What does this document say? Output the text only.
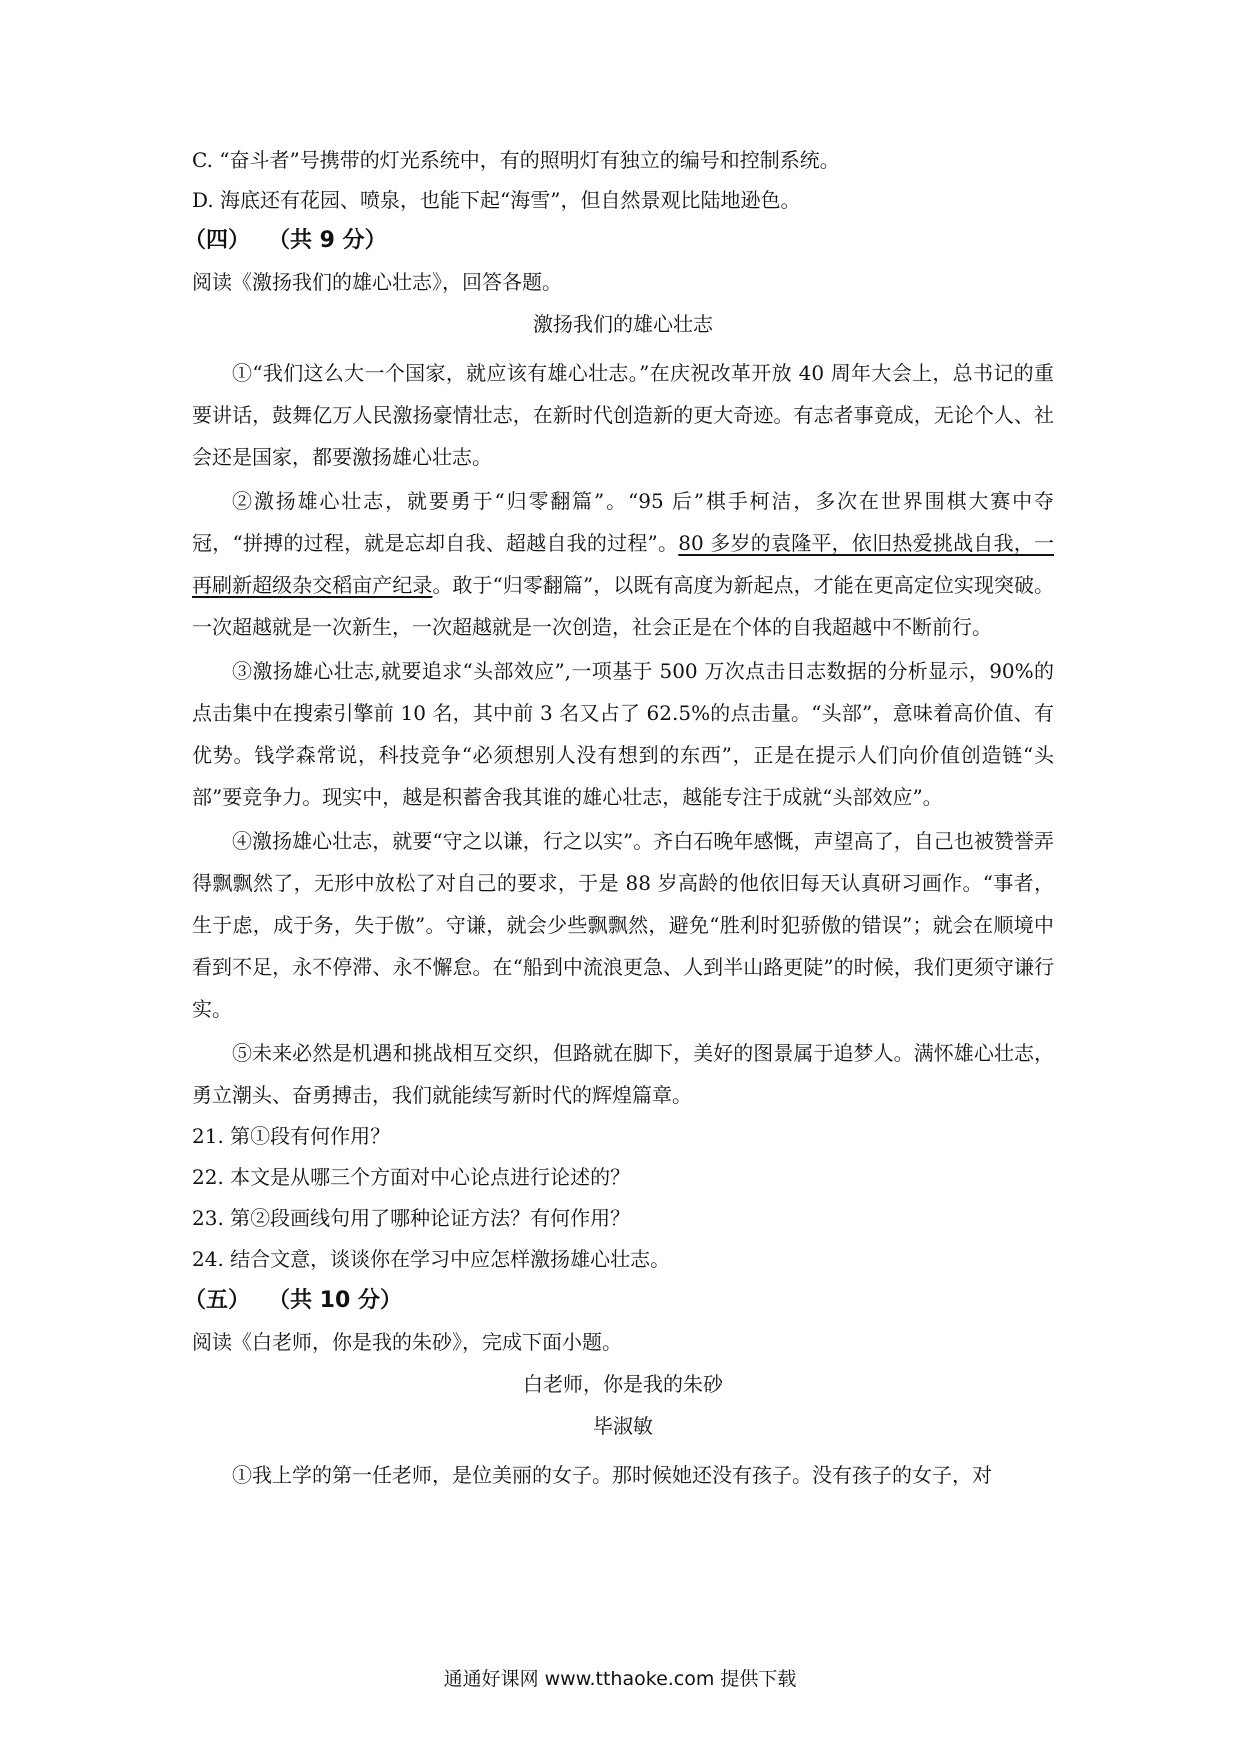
C. “奋斗者”号携带的灯光系统中，有的照明灯有独立的编号和控制系统。

D. 海底还有花园、喷泉，也能下起“海雪”，但自然景观比陆地逊色。

（四） （共 9 分）

阅读《激扬我们的雄心壮志》，回答各题。

激扬我们的雄心壮志

①“我们这么大一个国家，就应该有雄心壮志。”在庆祝改革开放 40 周年大会上，总书记的重要讲话，鼓舞亿万人民激扬豪情壮志，在新时代创造新的更大奇迹。有志者事竟成，无论个人、社会还是国家，都要激扬雄心壮志。

②激扬雄心壮志，就要勇于“归零翻篇”。“95 后”棋手柯洁，多次在世界围棋大赛中夺冠，“拼搏的过程，就是忘却自我、超越自我的过程”。80 多岁的袁隆平，依旧热爱挑战自我，一再刷新超级杂交稻亩产纪录。敢于“归零翻篇”，以既有高度为新起点，才能在更高定位实现突破。一次超越就是一次新生，一次超越就是一次创造，社会正是在个体的自我超越中不断前行。

③激扬雄心壮志,就要追求“头部效应”,一项基于 500 万次点击日志数据的分析显示，90%的点击集中在搜索引擎前 10 名，其中前 3 名又占了 62.5%的点击量。“头部”，意味着高价值、有优势。钱学森常说，科技竞争“必须想别人没有想到的东西”，正是在提示人们向价值创造链“头部”要竞争力。现实中，越是积蓄舍我其谁的雄心壮志，越能专注于成就“头部效应”。

④激扬雄心壮志，就要“守之以谦，行之以实”。齐白石晚年感慨，声望高了，自己也被赞誉弄得飘飘然了，无形中放松了对自己的要求，于是 88 岁高龄的他依旧每天认真研习画作。“事者，生于虑，成于务，失于傲”。守谦，就会少些飘飘然，避免“胜利时犯骄傲的错误”；就会在顺境中看到不足，永不停滞、永不懈怠。在“船到中流浪更急、人到半山路更陡”的时候，我们更须守谦行实。

⑤未来必然是机遇和挑战相互交织，但路就在脚下，美好的图景属于追梦人。满怀雄心壮志，勇立潮头、奋勇搏击，我们就能续写新时代的辉煌篇章。

21. 第①段有何作用？

22. 本文是从哪三个方面对中心论点进行论述的？

23. 第②段画线句用了哪种论证方法？有何作用？

24. 结合文意，谈谈你在学习中应怎样激扬雄心壮志。

（五） （共 10 分）

阅读《白老师，你是我的朱砂》，完成下面小题。

白老师，你是我的朱砂

毕淑敏

①我上学的第一任老师，是位美丽的女子。那时候她还没有孩子。没有孩子的女子，对

通通好课网 www.tthaoke.com 提供下载
